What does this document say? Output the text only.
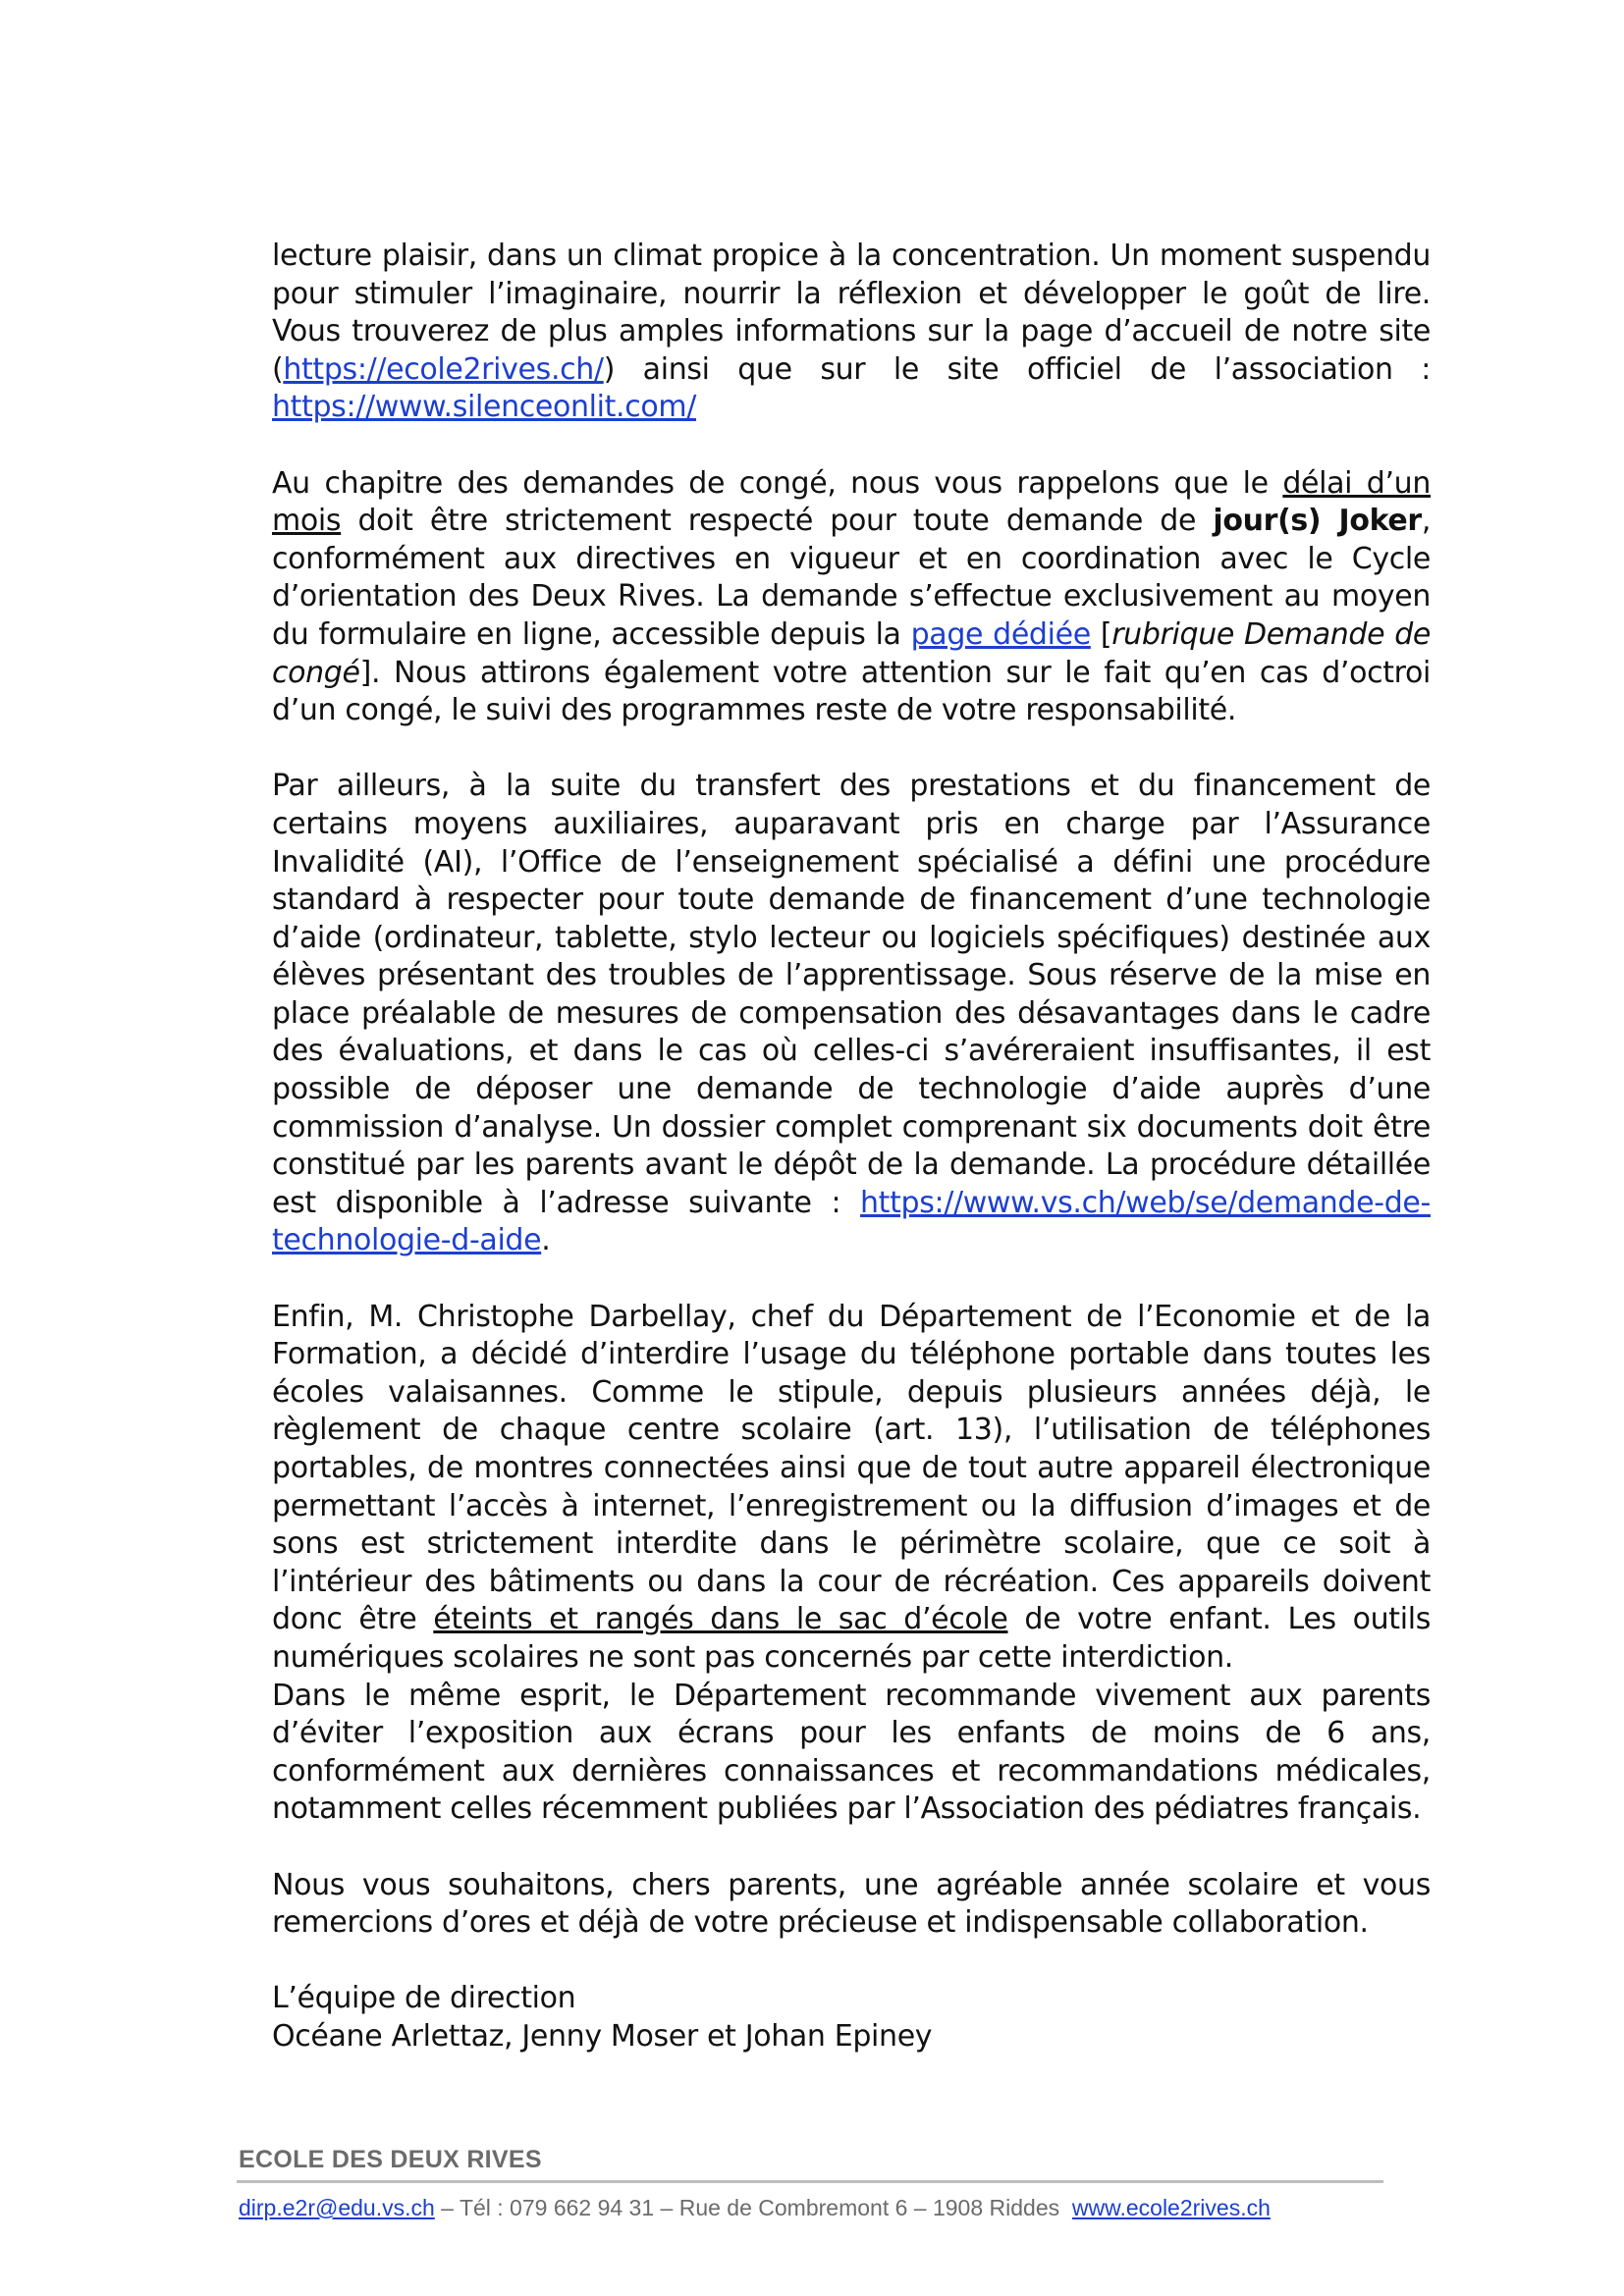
lecture plaisir, dans un climat propice à la concentration. Un moment suspendu pour stimuler l’imaginaire, nourrir la réflexion et développer le goût de lire. Vous trouverez de plus amples informations sur la page d’accueil de notre site (https://ecole2rives.ch/) ainsi que sur le site officiel de l’association : https://www.silenceonlit.com/

Au chapitre des demandes de congé, nous vous rappelons que le délai d’un mois doit être strictement respecté pour toute demande de jour(s) Joker, conformément aux directives en vigueur et en coordination avec le Cycle d’orientation des Deux Rives. La demande s’effectue exclusivement au moyen du formulaire en ligne, accessible depuis la page dédiée [rubrique Demande de congé]. Nous attirons également votre attention sur le fait qu’en cas d’octroi d’un congé, le suivi des programmes reste de votre responsabilité.

Par ailleurs, à la suite du transfert des prestations et du financement de certains moyens auxiliaires, auparavant pris en charge par l’Assurance Invalidité (AI), l’Office de l’enseignement spécialisé a défini une procédure standard à respecter pour toute demande de financement d’une technologie d’aide (ordinateur, tablette, stylo lecteur ou logiciels spécifiques) destinée aux élèves présentant des troubles de l’apprentissage. Sous réserve de la mise en place préalable de mesures de compensation des désavantages dans le cadre des évaluations, et dans le cas où celles-ci s’avéreraient insuffisantes, il est possible de déposer une demande de technologie d’aide auprès d’une commission d’analyse. Un dossier complet comprenant six documents doit être constitué par les parents avant le dépôt de la demande. La procédure détaillée est disponible à l’adresse suivante : https://www.vs.ch/web/se/demande-de-technologie-d-aide.

Enfin, M. Christophe Darbellay, chef du Département de l’Economie et de la Formation, a décidé d’interdire l’usage du téléphone portable dans toutes les écoles valaisannes. Comme le stipule, depuis plusieurs années déjà, le règlement de chaque centre scolaire (art. 13), l’utilisation de téléphones portables, de montres connectées ainsi que de tout autre appareil électronique permettant l’accès à internet, l’enregistrement ou la diffusion d’images et de sons est strictement interdite dans le périmètre scolaire, que ce soit à l’intérieur des bâtiments ou dans la cour de récréation. Ces appareils doivent donc être éteints et rangés dans le sac d’école de votre enfant. Les outils numériques scolaires ne sont pas concernés par cette interdiction.

Dans le même esprit, le Département recommande vivement aux parents d’éviter l’exposition aux écrans pour les enfants de moins de 6 ans, conformément aux dernières connaissances et recommandations médicales, notamment celles récemment publiées par l’Association des pédiatres français.

Nous vous souhaitons, chers parents, une agréable année scolaire et vous remercions d’ores et déjà de votre précieuse et indispensable collaboration.

L’équipe de direction

Océane Arlettaz, Jenny Moser et Johan Epiney

ECOLE DES DEUX RIVES
dirp.e2r@edu.vs.ch – Tél : 079 662 94 31 – Rue de Combremont 6 – 1908 Riddes  www.ecole2rives.ch
